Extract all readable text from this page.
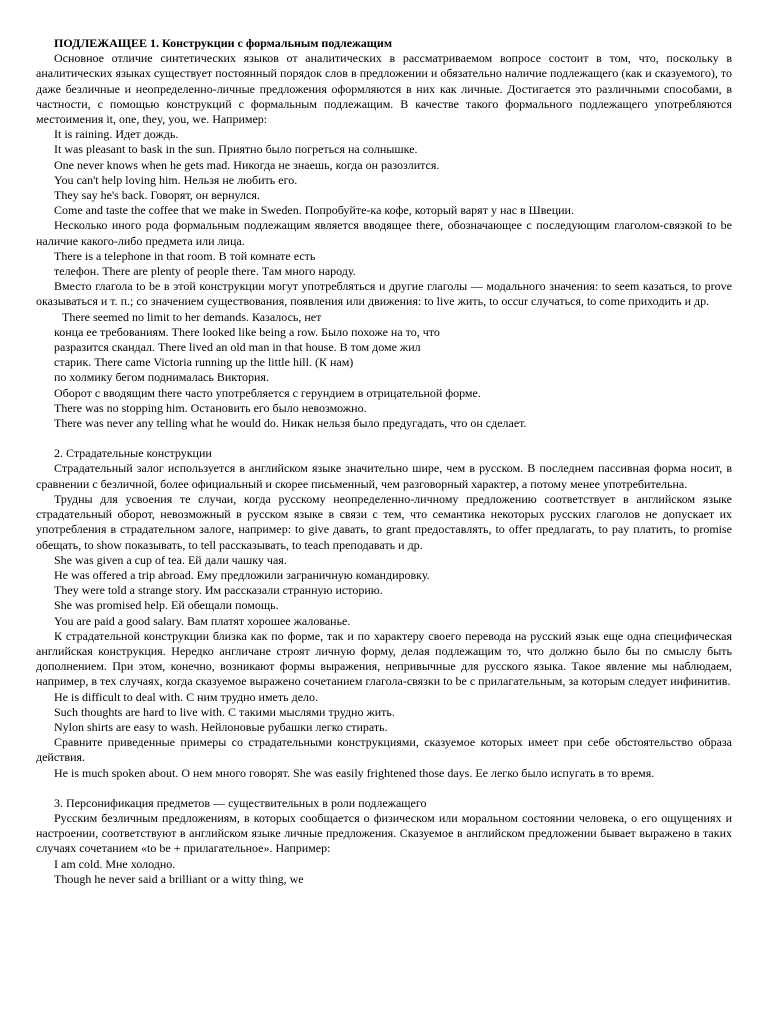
ПОДЛЕЖАЩЕЕ 1. Конструкции с формальным подлежащим

Основное отличие синтетических языков от аналитических в рассматриваемом вопросе состоит в том, что, поскольку в аналитических языках существует постоянный порядок слов в предложении и обязательно наличие подлежащего (как и сказуемого), то даже безличные и неопределенно-личные предложения оформляются в них как личные. Достигается это различными способами, в частности, с помощью конструкций с формальным подлежащим. В качестве такого формального подлежащего употребляются местоимения it, one, they, you, we. Например:

It is raining. Идет дождь.
It was pleasant to bask in the sun. Приятно было погреться на солнышке.
One never knows when he gets mad. Никогда не знаешь, когда он разозлится.
You can't help loving him. Нельзя не любить его.
They say he's back. Говорят, он вернулся.
Come and taste the coffee that we make in Sweden. Попробуйте-ка кофе, который варят у нас в Швеции.

Несколько иного рода формальным подлежащим является вводящее there, обозначающее с последующим глаголом-связкой to be наличие какого-либо предмета или лица.

There is a telephone in that room. В той комнате есть
телефон. There are plenty of people there. Там много народу.

Вместо глагола to be в этой конструкции могут употребляться и другие глаголы — модального значения: to seem казаться, to prove оказываться и т. п.; со значением существования, появления или движения: to live жить, to occur случаться, to come приходить и др.

There seemed no limit to her demands. Казалось, нет
конца ее требованиям. There looked like being a row. Было похоже на то, что
разразится скандал. There lived an old man in that house. В том доме жил
старик. There came Victoria running up the little hill. (К нам)
по холмику бегом поднималась Виктория.

Оборот с вводящим there часто употребляется с герундием в отрицательной форме.

There was no stopping him. Остановить его было невозможно.
There was never any telling what he would do. Никак нельзя было предугадать, что он сделает.

2. Страдательные конструкции

Страдательный залог используется в английском языке значительно шире, чем в русском. В последнем пассивная форма носит, в сравнении с безличной, более официальный и скорее письменный, чем разговорный характер, а потому менее употребительна.

Трудны для усвоения те случаи, когда русскому неопределенно-личному предложению соответствует в английском языке страдательный оборот, невозможный в русском языке в связи с тем, что семантика некоторых русских глаголов не допускает их употребления в страдательном залоге, например: to give давать, to grant предоставлять, to offer предлагать, to pay платить, to promise обещать, to show показывать, to tell рассказывать, to teach преподавать и др.

She was given a cup of tea. Ей дали чашку чая.
He was offered a trip abroad. Ему предложили заграничную командировку.
They were told a strange story. Им рассказали странную историю.
She was promised help. Ей обещали помощь.
You are paid a good salary. Вам платят хорошее жалованье.

К страдательной конструкции близка как по форме, так и по характеру своего перевода на русский язык еще одна специфическая английская конструкция. Нередко англичане строят личную форму, делая подлежащим то, что должно было бы по смыслу быть дополнением. При этом, конечно, возникают формы выражения, непривычные для русского языка. Такое явление мы наблюдаем, например, в тех случаях, когда сказуемое выражено сочетанием глагола-связки to be с прилагательным, за которым следует инфинитив.

He is difficult to deal with. С ним трудно иметь дело.
Such thoughts are hard to live with. С такими мыслями трудно жить.
Nylon shirts are easy to wash. Нейлоновые рубашки легко стирать.

Сравните приведенные примеры со страдательными конструкциями, сказуемое которых имеет при себе обстоятельство образа действия.

He is much spoken about. О нем много говорят. She was easily frightened those days. Ее легко было испугать в то время.

3. Персонификация предметов — существительных в роли подлежащего

Русским безличным предложениям, в которых сообщается о физическом или моральном состоянии человека, о его ощущениях и настроении, соответствуют в английском языке личные предложения. Сказуемое в английском предложении бывает выражено в таких случаях сочетанием «to be + прилагательное». Например:

I am cold. Мне холодно.
Though he never said a brilliant or a witty thing, we
